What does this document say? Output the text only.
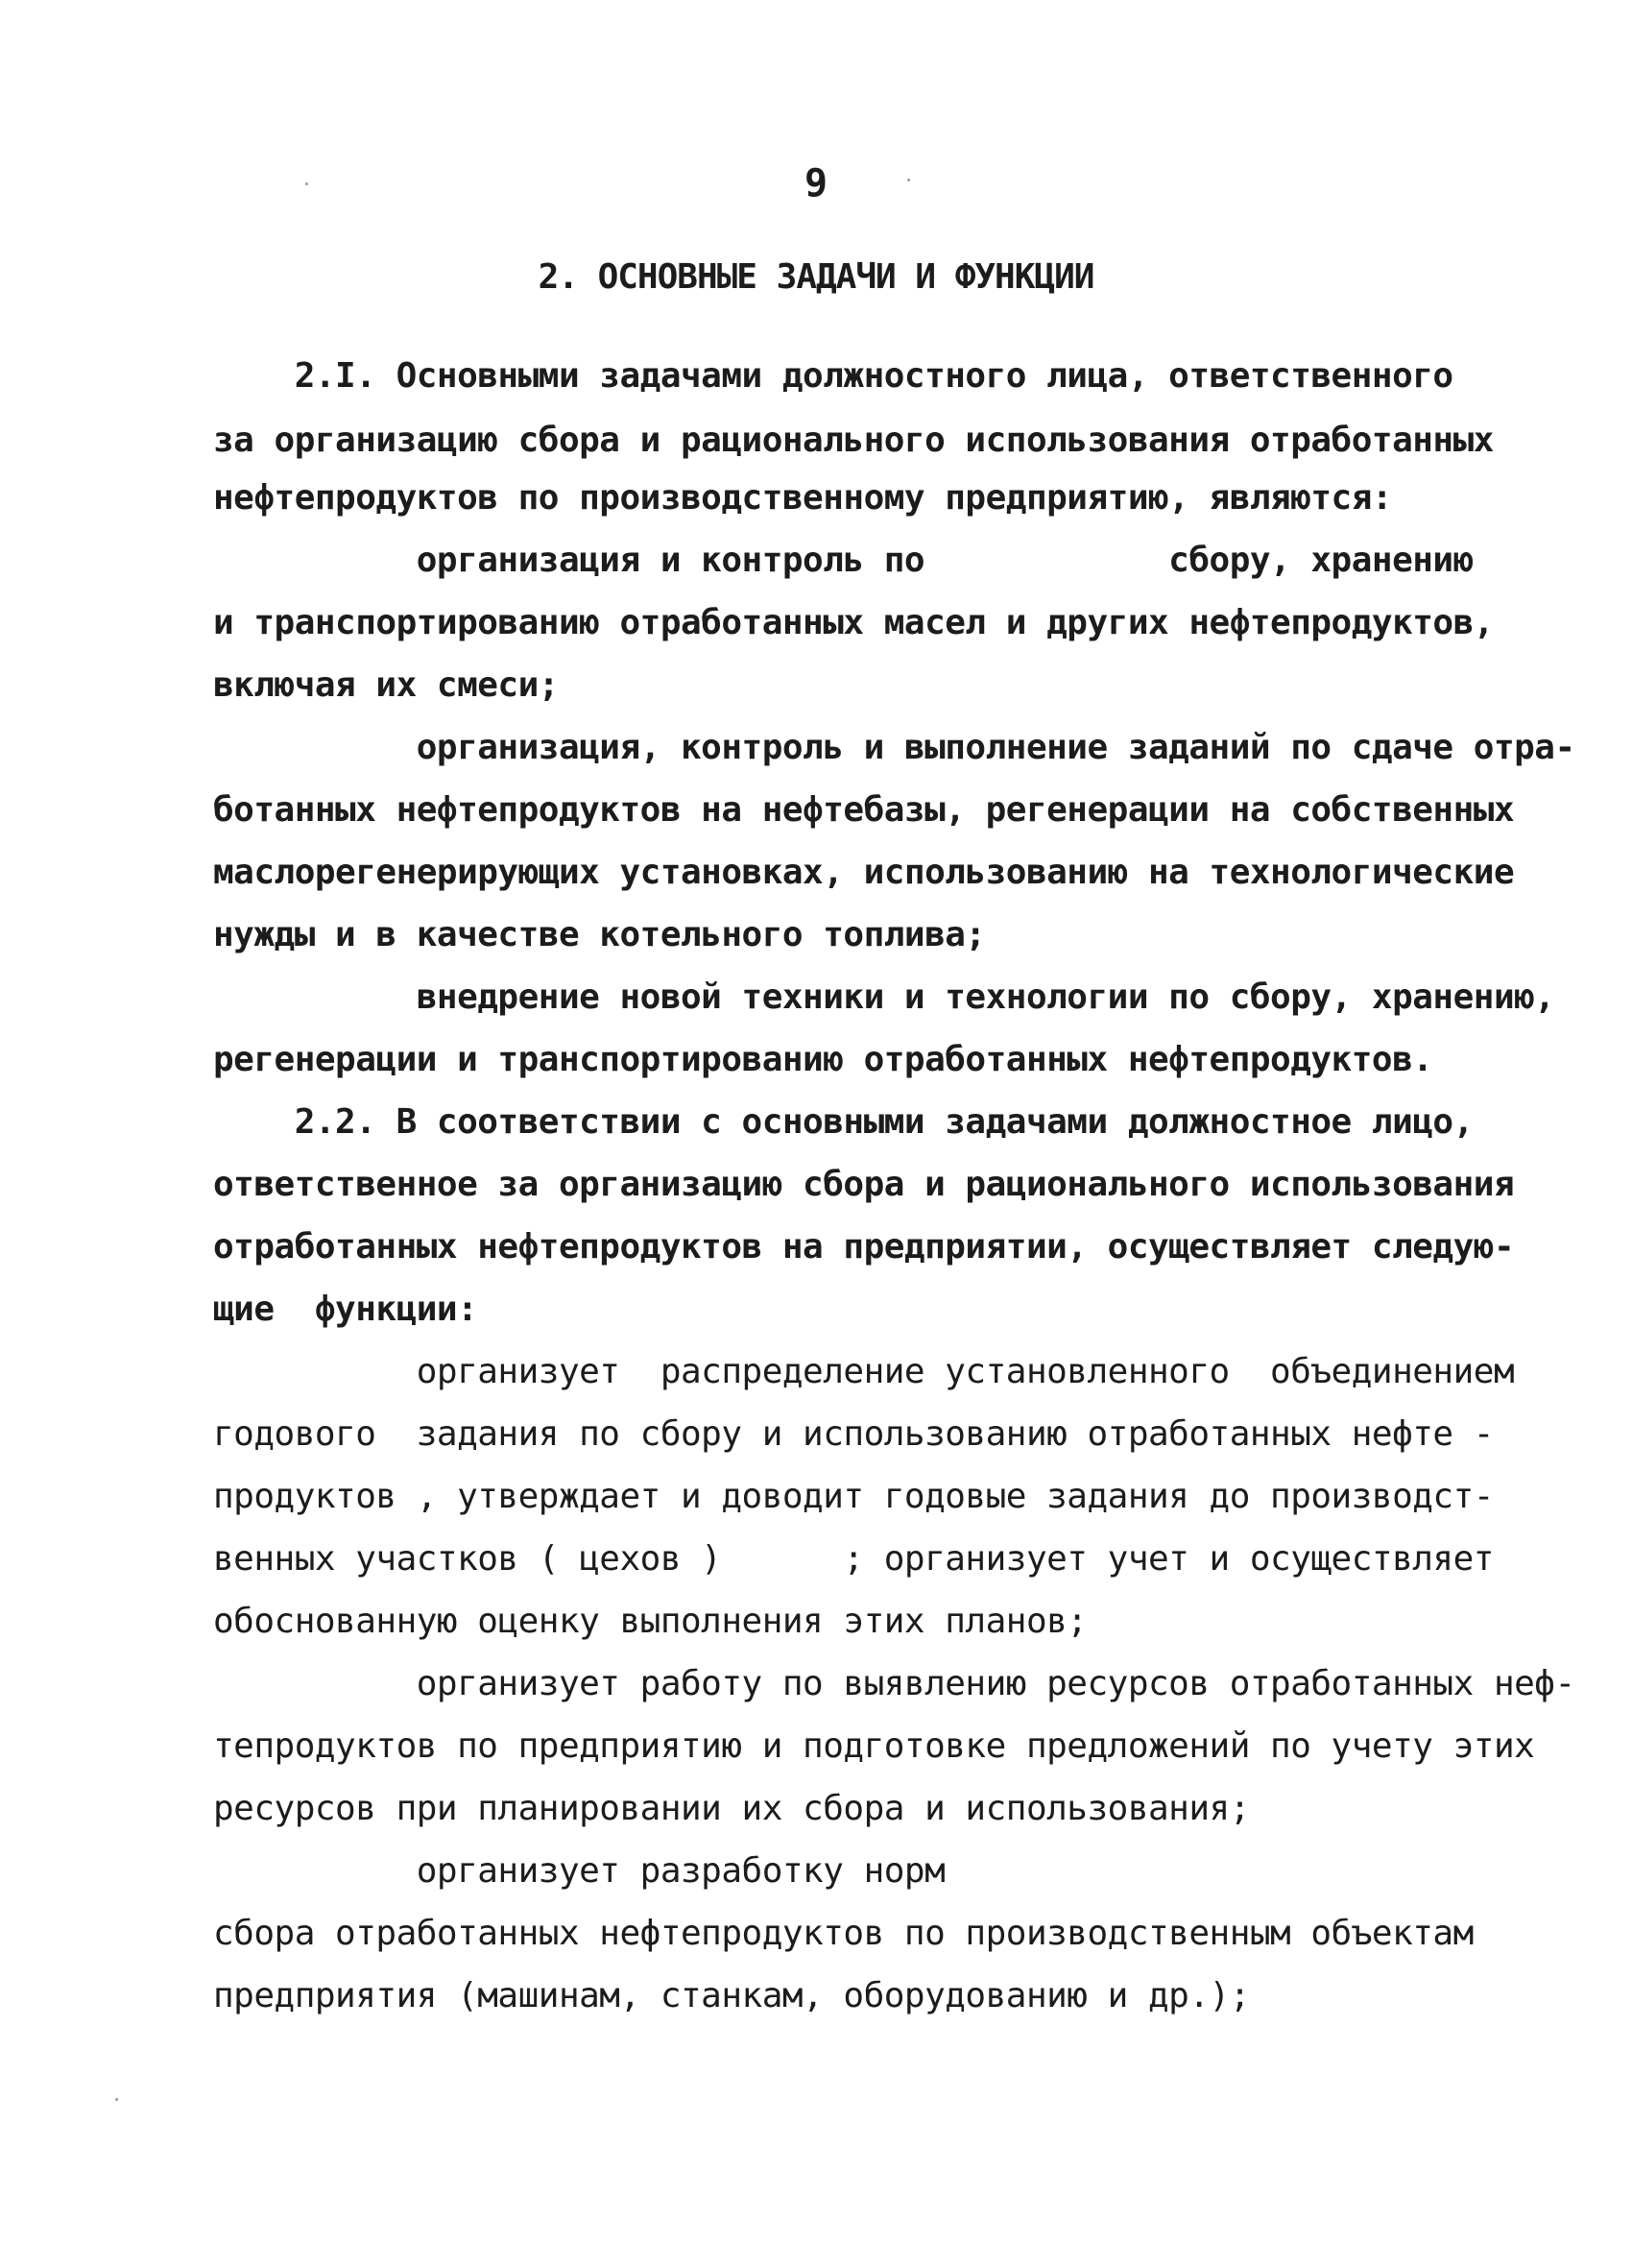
9
2. ОСНОВНЫЕ ЗАДАЧИ И ФУНКЦИИ
2.I. Основными задачами должностного лица, ответственного
за организацию сбора и рационального использования отработанных
нефтепродуктов по производственному предприятию, являются:
организация и контроль по            сбору, хранению
и транспортированию отработанных масел и других нефтепродуктов,
включая их смеси;
организация, контроль и выполнение заданий по сдаче отра-
ботанных нефтепродуктов на нефтебазы, регенерации на собственных
маслорегенерирующих установках, использованию на технологические
нужды и в качестве котельного топлива;
внедрение новой техники и технологии по сбору, хранению,
регенерации и транспортированию отработанных нефтепродуктов.
2.2. В соответствии с основными задачами должностное лицо,
ответственное за организацию сбора и рационального использования
отработанных нефтепродуктов на предприятии, осуществляет следую-
щие  функции:
организует  распределение установленного  объединением
годового  задания по сбору и использованию отработанных нефте -
продуктов , утверждает и доводит годовые задания до производст-
венных участков ( цехов )      ; организует учет и осуществляет
обоснованную оценку выполнения этих планов;
организует работу по выявлению ресурсов отработанных неф-
тепродуктов по предприятию и подготовке предложений по учету этих
ресурсов при планировании их сбора и использования;
организует разработку норм
сбора отработанных нефтепродуктов по производственным объектам
предприятия (машинам, станкам, оборудованию и др.);
